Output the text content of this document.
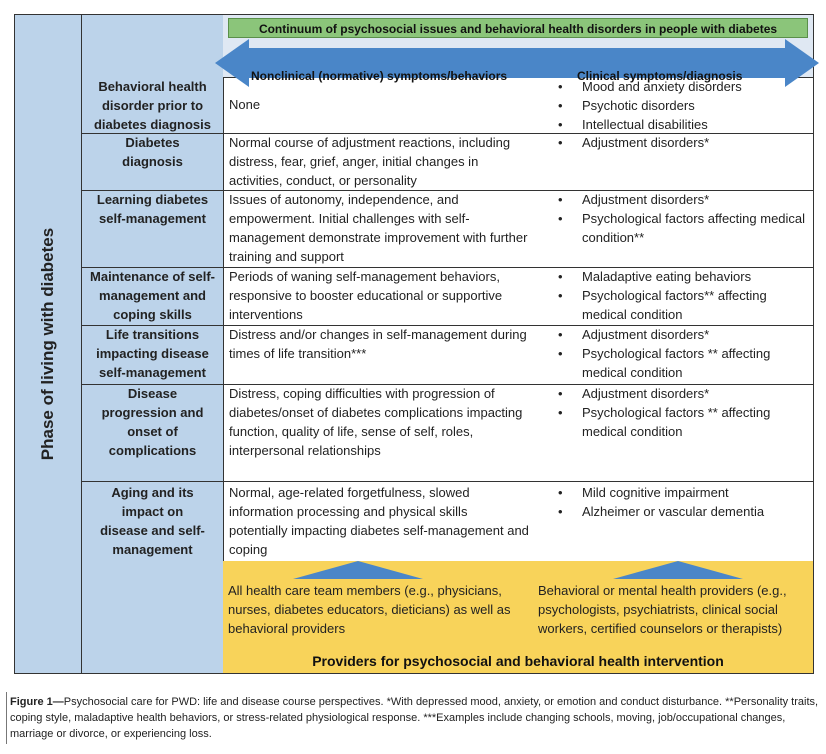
Phase of living with diabetes
Continuum of psychosocial issues and behavioral health disorders in people with diabetes
Nonclinical (normative) symptoms/behaviors	Clinical symptoms/diagnosis
Behavioral health disorder prior to diabetes diagnosis
None
• Mood and anxiety disorders
• Psychotic disorders
• Intellectual disabilities
Diabetes diagnosis
Normal course of adjustment reactions, including distress, fear, grief, anger, initial changes in activities, conduct, or personality
• Adjustment disorders*
Learning diabetes self-management
Issues of autonomy, independence, and empowerment. Initial challenges with self-management demonstrate improvement with further training and support
• Adjustment disorders*
• Psychological factors affecting medical condition**
Maintenance of self-management and coping skills
Periods of waning self-management behaviors, responsive to booster educational or supportive interventions
• Maladaptive eating behaviors
• Psychological factors** affecting medical condition
Life transitions impacting disease self-management
Distress and/or changes in self-management during times of life transition***
• Adjustment disorders*
• Psychological factors ** affecting medical condition
Disease progression and onset of complications
Distress, coping difficulties with progression of diabetes/onset of diabetes complications impacting function, quality of life, sense of self, roles, interpersonal relationships
• Adjustment disorders*
• Psychological factors ** affecting medical condition
Aging and its impact on disease and self-management
Normal, age-related forgetfulness, slowed information processing and physical skills potentially impacting diabetes self-management and coping
• Mild cognitive impairment
• Alzheimer or vascular dementia
All health care team members (e.g., physicians, nurses, diabetes educators, dieticians) as well as behavioral providers
Behavioral or mental health providers (e.g., psychologists, psychiatrists, clinical social workers, certified counselors or therapists)
Providers for psychosocial and behavioral health intervention
Figure 1—Psychosocial care for PWD: life and disease course perspectives. *With depressed mood, anxiety, or emotion and conduct disturbance. **Personality traits, coping style, maladaptive health behaviors, or stress-related physiological response. ***Examples include changing schools, moving, job/occupational changes, marriage or divorce, or experiencing loss.
